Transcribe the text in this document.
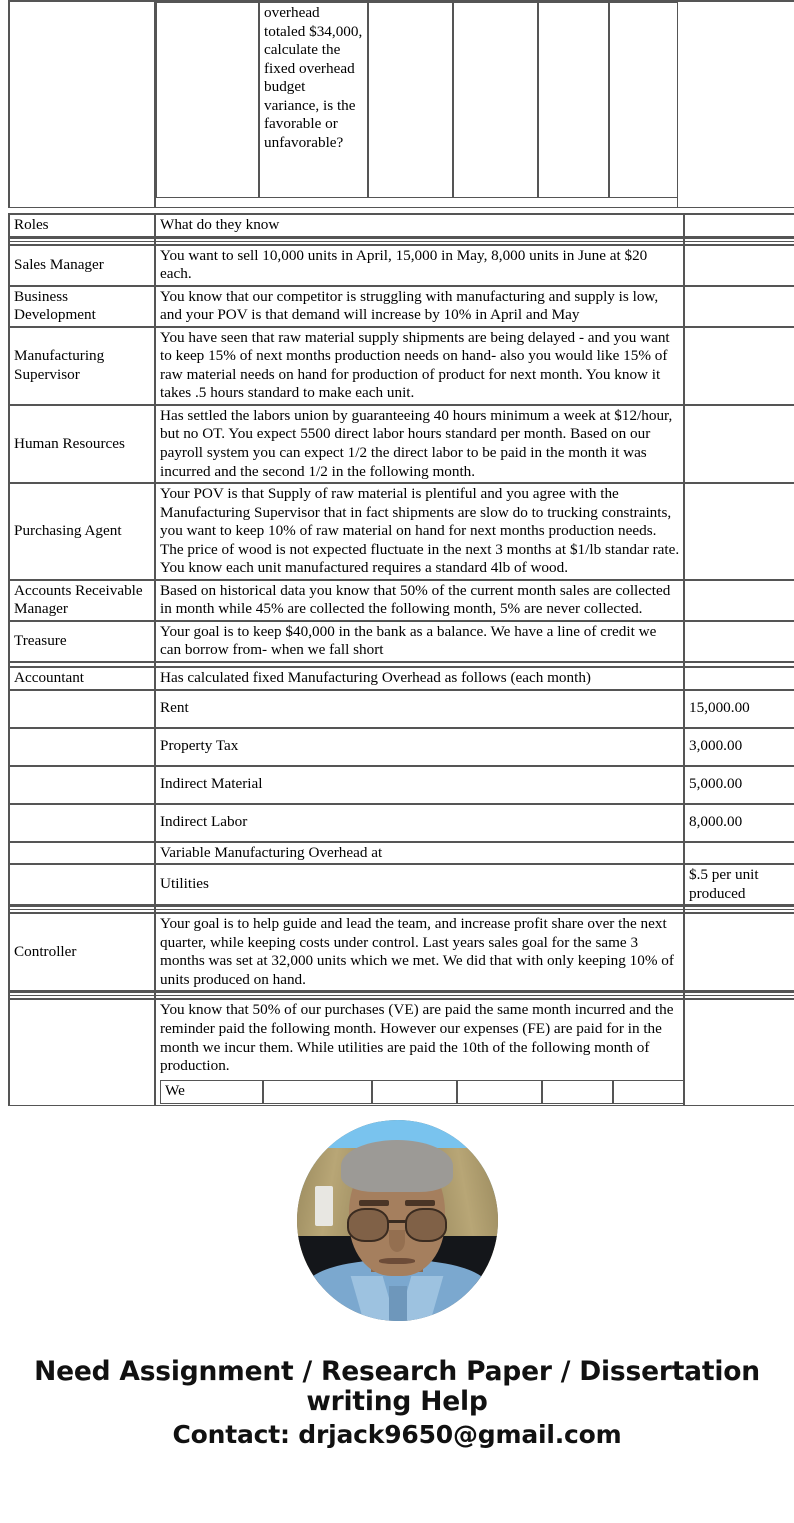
	overhead totaled $34,000, calculate the fixed overhead budget variance, is the favorable or unfavorable?					

Roles	What do they know	

Sales Manager	You want to sell 10,000 units in April, 15,000 in May, 8,000 units in June at $20 each.	
Business Development	You know that our competitor is struggling with manufacturing and supply is low, and your POV is that demand will increase by 10% in April and May	
Manufacturing Supervisor	You have seen that raw material supply shipments are being delayed - and you want to keep 15% of next months production needs on hand- also you would like 15% of raw material needs on hand for production of product for next month. You know it takes .5 hours standard to make each unit.	
Human Resources	Has settled the labors union by guaranteeing 40 hours minimum a week at $12/hour, but no OT. You expect 5500 direct labor hours standard per month. Based on our payroll system you can expect 1/2 the direct labor to be paid in the month it was incurred and the second 1/2 in the following month.	
Purchasing Agent	Your POV is that Supply of raw material is plentiful and you agree with the Manufacturing Supervisor that in fact shipments are slow do to trucking constraints, you want to keep 10% of raw material on hand for next months production needs. The price of wood is not expected fluctuate in the next 3 months at $1/lb standar rate. You know each unit manufactured requires a standard 4lb of wood.	
Accounts Receivable Manager	Based on historical data you know that 50% of the current month sales are collected in month while 45% are collected the following month, 5% are never collected.	
Treasure	Your goal is to keep $40,000 in the bank as a balance. We have a line of credit we can borrow from- when we fall short	

Accountant	Has calculated fixed Manufacturing Overhead as follows (each month)	
	Rent	15,000.00
	Property Tax	3,000.00
	Indirect Material	5,000.00
	Indirect Labor	8,000.00
	Variable Manufacturing Overhead at	
	Utilities	$.5 per unit produced

Controller	Your goal is to help guide and lead the team, and increase profit share over the next quarter, while keeping costs under control. Last years sales goal for the same 3 months was set at 32,000 units which we met. We did that with only keeping 10% of units produced on hand.	

You know that 50% of our purchases (VE) are paid the same month incurred and the reminder paid the following month. However our expenses (FE) are paid for in the month we incur them. While utilities are paid the 10th of the following month of production.
We						

Need Assignment / Research Paper / Dissertation writing Help
Contact: drjack9650@gmail.com
